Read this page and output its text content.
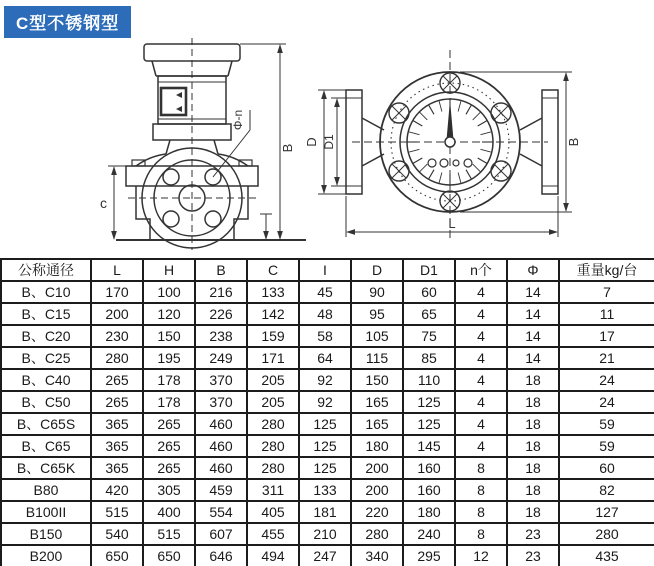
C型不锈钢型
c
B
Φ-n
D D1	B
L
公称通径	L	H	B	C	I	D	D1	n个	Φ	重量kg/台
B、C10	170	100	216	133	45	90	60	4	14	7
B、C15	200	120	226	142	48	95	65	4	14	11
B、C20	230	150	238	159	58	105	75	4	14	17
B、C25	280	195	249	171	64	115	85	4	14	21
B、C40	265	178	370	205	92	150	110	4	18	24
B、C50	265	178	370	205	92	165	125	4	18	24
B、C65S	365	265	460	280	125	165	125	4	18	59
B、C65	365	265	460	280	125	180	145	4	18	59
B、C65K	365	265	460	280	125	200	160	8	18	60
B80	420	305	459	311	133	200	160	8	18	82
B100II	515	400	554	405	181	220	180	8	18	127
B150	540	515	607	455	210	280	240	8	23	280
B200	650	650	646	494	247	340	295	12	23	435
